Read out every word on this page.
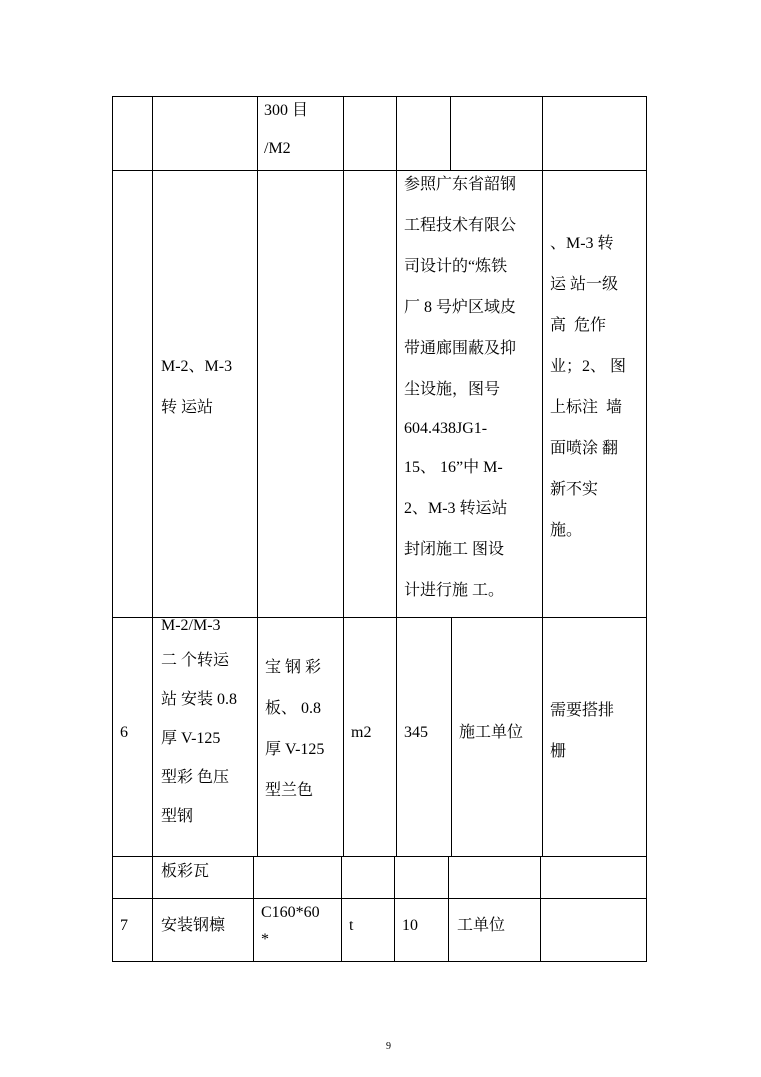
300 目
/M2
M-2、M-3
转 运站
参照广东省韶钢
工程技术有限公
司设计的“炼铁
厂 8 号炉区域皮
带通廊围蔽及抑
尘设施，图号
604.438JG1-
15、 16”中 M-
2、M-3 转运站
封闭施工 图设
计进行施 工。
、M-3 转
运 站一级
高  危作
业；2、 图
上标注  墙
面喷涂 翻
新不实
施。
6
M-2/M-3
二 个转运
站 安装 0.8
厚 V-125
型彩 色压
型钢
宝 钢 彩
板、 0.8
厚 V-125
型兰色
m2 345 施工单位
需要搭排
栅
板彩瓦
7 安装钢檩
C160*60
*
t	10 工单位
9
